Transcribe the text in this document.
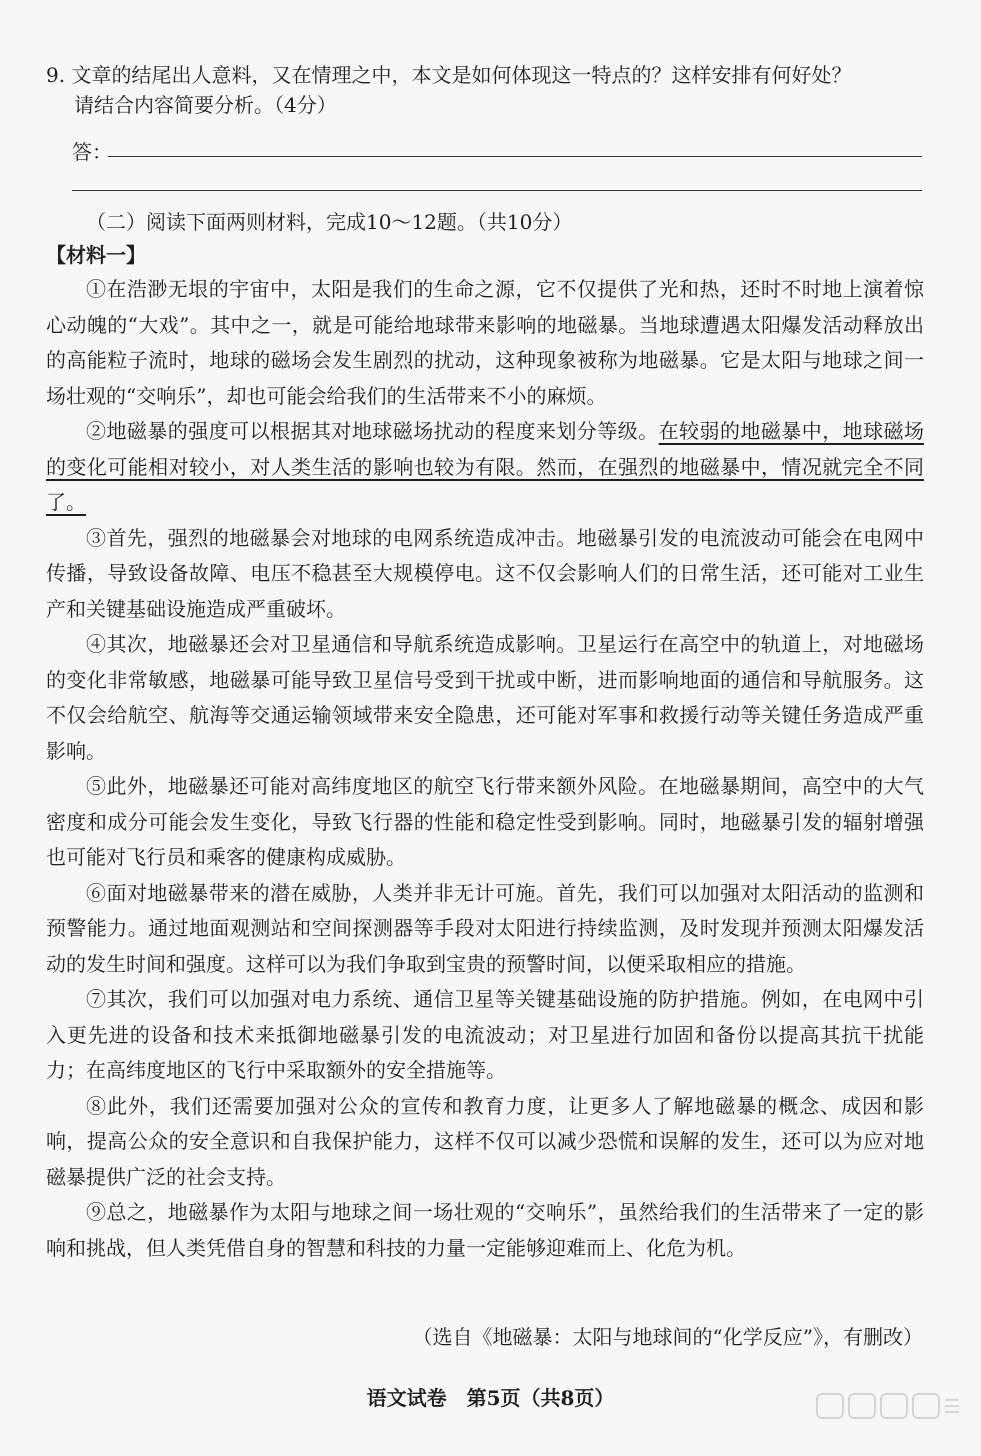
9. 文章的结尾出人意料，又在情理之中，本文是如何体现这一特点的？这样安排有何好处？
请结合内容简要分析。（4分）
答：
（二）阅读下面两则材料，完成10～12题。（共10分）
【材料一】

①在浩渺无垠的宇宙中，太阳是我们的生命之源，它不仅提供了光和热，还时不时地上演着惊心动魄的“大戏”。其中之一，就是可能给地球带来影响的地磁暴。当地球遭遇太阳爆发活动释放出的高能粒子流时，地球的磁场会发生剧烈的扰动，这种现象被称为地磁暴。它是太阳与地球之间一场壮观的“交响乐”，却也可能会给我们的生活带来不小的麻烦。

②地磁暴的强度可以根据其对地球磁场扰动的程度来划分等级。在较弱的地磁暴中，地球磁场的变化可能相对较小，对人类生活的影响也较为有限。然而，在强烈的地磁暴中，情况就完全不同了。

③首先，强烈的地磁暴会对地球的电网系统造成冲击。地磁暴引发的电流波动可能会在电网中传播，导致设备故障、电压不稳甚至大规模停电。这不仅会影响人们的日常生活，还可能对工业生产和关键基础设施造成严重破坏。

④其次，地磁暴还会对卫星通信和导航系统造成影响。卫星运行在高空中的轨道上，对地磁场的变化非常敏感，地磁暴可能导致卫星信号受到干扰或中断，进而影响地面的通信和导航服务。这不仅会给航空、航海等交通运输领域带来安全隐患，还可能对军事和救援行动等关键任务造成严重影响。

⑤此外，地磁暴还可能对高纬度地区的航空飞行带来额外风险。在地磁暴期间，高空中的大气密度和成分可能会发生变化，导致飞行器的性能和稳定性受到影响。同时，地磁暴引发的辐射增强也可能对飞行员和乘客的健康构成威胁。

⑥面对地磁暴带来的潜在威胁，人类并非无计可施。首先，我们可以加强对太阳活动的监测和预警能力。通过地面观测站和空间探测器等手段对太阳进行持续监测，及时发现并预测太阳爆发活动的发生时间和强度。这样可以为我们争取到宝贵的预警时间，以便采取相应的措施。

⑦其次，我们可以加强对电力系统、通信卫星等关键基础设施的防护措施。例如，在电网中引入更先进的设备和技术来抵御地磁暴引发的电流波动；对卫星进行加固和备份以提高其抗干扰能力；在高纬度地区的飞行中采取额外的安全措施等。

⑧此外，我们还需要加强对公众的宣传和教育力度，让更多人了解地磁暴的概念、成因和影响，提高公众的安全意识和自我保护能力，这样不仅可以减少恐慌和误解的发生，还可以为应对地磁暴提供广泛的社会支持。

⑨总之，地磁暴作为太阳与地球之间一场壮观的“交响乐”，虽然给我们的生活带来了一定的影响和挑战，但人类凭借自身的智慧和科技的力量一定能够迎难而上、化危为机。

（选自《地磁暴：太阳与地球间的“化学反应”》，有删改）
语文试卷　第5页（共8页）
